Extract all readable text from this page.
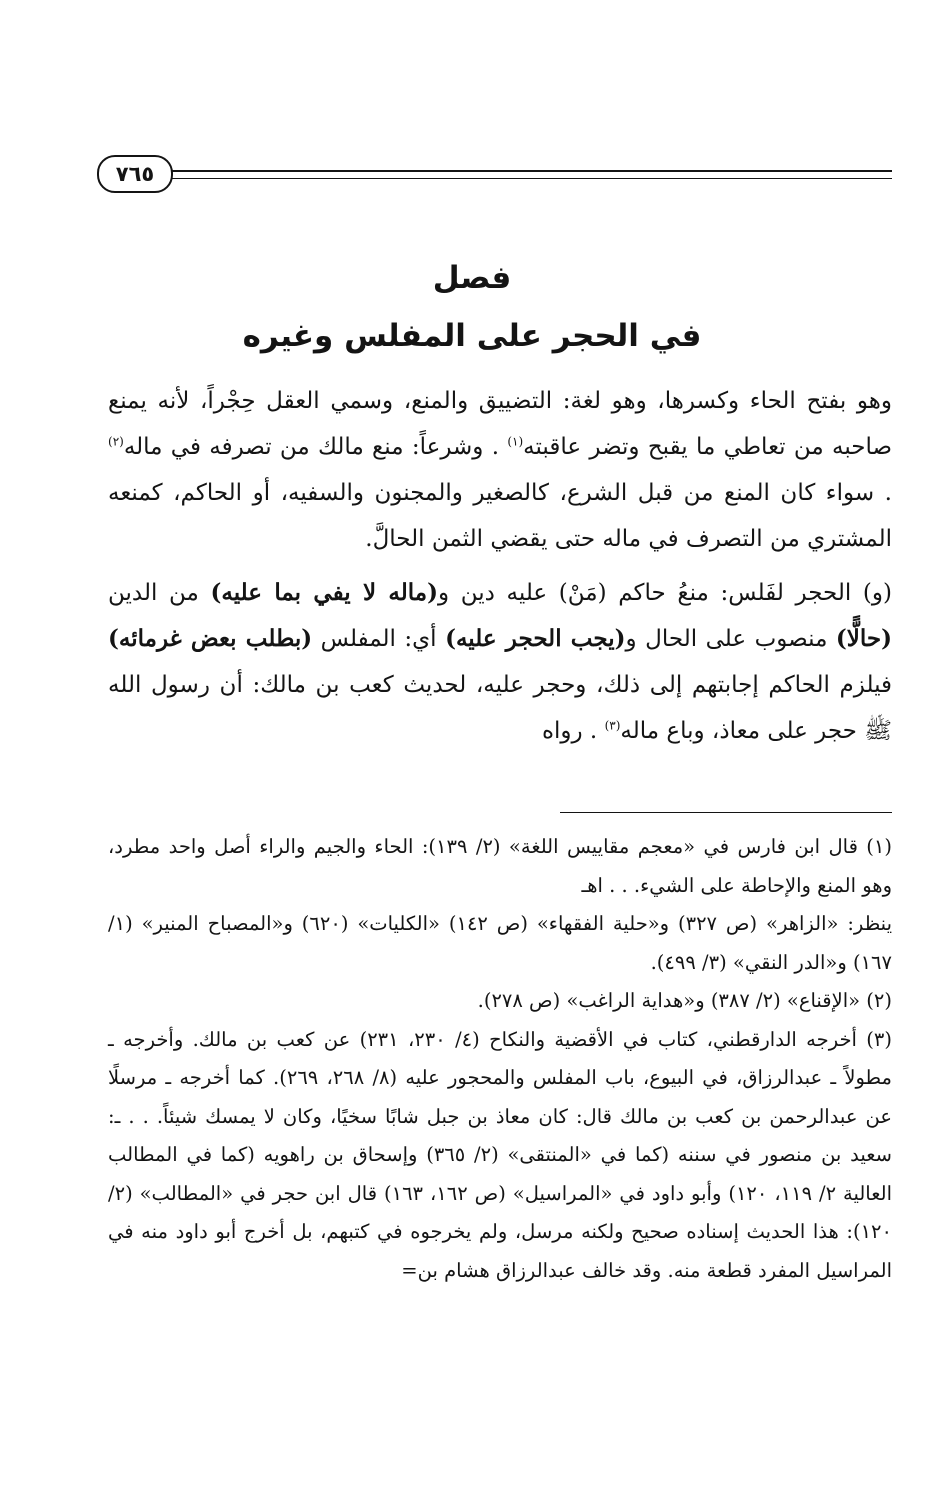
٧٦٥
فصل
في الحجر على المفلس وغيره

وهو بفتح الحاء وكسرها، وهو لغة: التضييق والمنع، وسمي العقل حِجْراً، لأنه يمنع صاحبه من تعاطي ما يقبح وتضر عاقبته$^{(١)}$ . وشرعاً: منع مالك من تصرفه في ماله$^{(٢)}$ . سواء كان المنع من قبل الشرع، كالصغير والمجنون والسفيه، أو الحاكم، كمنعه المشتري من التصرف في ماله حتى يقضي الثمن الحالَّ.

(و) الحجر لفَلس: منعُ حاكم (مَنْ) عليه دين و(ماله لا يفي بما عليه) من الدين (حالًّا) منصوب على الحال و(يجب الحجر عليه) أي: المفلس (بطلب بعض غرمائه) فيلزم الحاكم إجابتهم إلى ذلك، وحجر عليه، لحديث كعب بن مالك: أن رسول الله ﷺ حجر على معاذ، وباع ماله$^{(٣)}$ . رواه

(١) قال ابن فارس في «معجم مقاييس اللغة» (٢/ ١٣٩): الحاء والجيم والراء أصل واحد مطرد، وهو المنع والإحاطة على الشيء. . . اهـ

ينظر: «الزاهر» (ص ٣٢٧) و«حلية الفقهاء» (ص ١٤٢) «الكليات» (٦٢٠) و«المصباح المنير» (١/ ١٦٧) و«الدر النقي» (٣/ ٤٩٩).

(٢) «الإقناع» (٢/ ٣٨٧) و«هداية الراغب» (ص ٢٧٨).

(٣) أخرجه الدارقطني، كتاب في الأقضية والنكاح (٤/ ٢٣٠، ٢٣١) عن كعب بن مالك. وأخرجه ـ مطولاً ـ عبدالرزاق، في البيوع، باب المفلس والمحجور عليه (٨/ ٢٦٨، ٢٦٩). كما أخرجه ـ مرسلًا عن عبدالرحمن بن كعب بن مالك قال: كان معاذ بن جبل شابًا سخيًا، وكان لا يمسك شيئاً. . . ـ: سعيد بن منصور في سننه (كما في «المنتقى» (٢/ ٣٦٥) وإسحاق بن راهويه (كما في المطالب العالية ٢/ ١١٩، ١٢٠) وأبو داود في «المراسيل» (ص ١٦٢، ١٦٣) قال ابن حجر في «المطالب» (٢/ ١٢٠): هذا الحديث إسناده صحيح ولكنه مرسل، ولم يخرجوه في كتبهم، بل أخرج أبو داود منه في المراسيل المفرد قطعة منه. وقد خالف عبدالرزاق هشام بن=
